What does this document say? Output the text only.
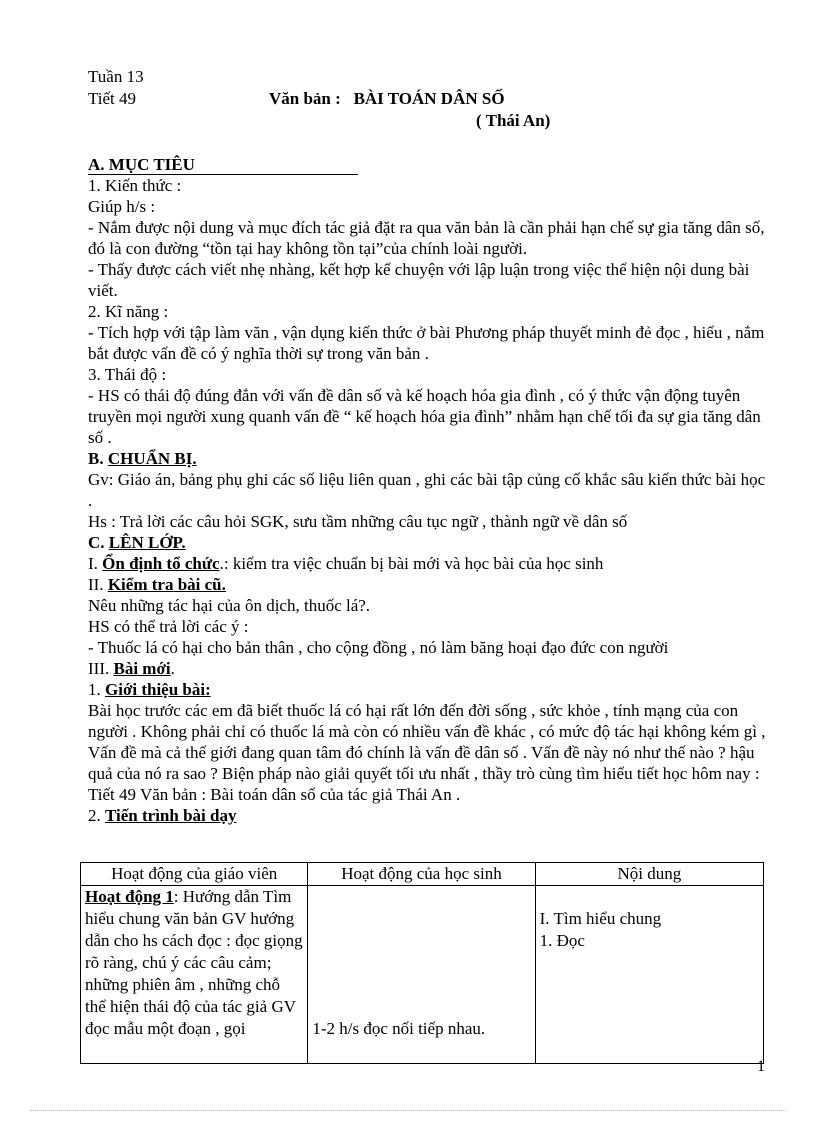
Tuần 13
Tiết 49	Văn bản : BÀI TOÁN DÂN SỐ
( Thái An)

A. MỤC TIÊU

1. Kiến thức :

Giúp h/s :

- Nắm được nội dung và mục đích tác giả đặt ra qua văn bản là cần phải hạn chế sự gia tăng dân số, đó là con đường “tồn tại hay không tồn tại”của chính loài người.

- Thấy được cách viết nhẹ nhàng, kết hợp kể chuyện với lập luận trong việc thể hiện nội dung bài viết.

2. Kĩ năng :

- Tích hợp với tập làm văn , vận dụng kiến thức ở bài Phương pháp thuyết minh đẻ đọc , hiểu , nắm bắt được vấn đề có ý nghĩa thời sự trong văn bản .

3. Thái độ :

- HS có thái độ đúng đắn với vấn đề dân số và kế hoạch hóa gia đình , có ý thức vận động tuyên truyền mọi người xung quanh vấn đề “ kế hoạch hóa gia đình” nhằm hạn chế tối đa sự gia tăng dân số .

B. CHUẨN BỊ.

Gv: Giáo án, bảng phụ ghi các số liệu liên quan , ghi các bài tập củng cố khắc sâu kiến thức bài học .

Hs : Trả lời các câu hỏi SGK, sưu tầm những câu tục ngữ , thành ngữ về dân số

C. LÊN LỚP.

I. Ổn định tổ chức.: kiểm tra việc chuẩn bị bài mới và học bài của học sinh

II. Kiểm tra bài cũ.

Nêu những tác hại của ôn dịch, thuốc lá?.

HS có thể trả lời các ý :

- Thuốc lá có hại cho bản thân , cho cộng đồng , nó làm băng hoại đạo đức con người

III. Bài mới.

1. Giới thiệu bài:

Bài học trước các em đã biết thuốc lá có hại rất lớn đến đời sống , sức khỏe , tính mạng của con người . Không phải chỉ có thuốc lá mà còn có nhiều vấn đề khác , có mức độ tác hại không kém gì , Vấn đề mà cả thế giới đang quan tâm đó chính là vấn đề dân số . Vấn đề này nó như thế nào ? hậu quả của nó ra sao ? Biện pháp nào giải quyết tối ưu nhất , thầy trò cùng tìm hiểu tiết học hôm nay : Tiết 49 Văn bản : Bài toán dân số của tác giả Thái An .

2. Tiến trình bài dạy

Hoạt động của giáo viên	Hoạt động của học sinh	Nội dung
Hoạt động 1: Hướng dẫn Tìm hiểu chung văn bản GV hướng dẫn cho hs cách đọc : đọc giọng rõ ràng, chú ý các câu cảm; những phiên âm , những chỗ thể hiện thái độ của tác giả GV đọc mẫu một đoạn , gọi	1-2 h/s đọc nối tiếp nhau.	I. Tìm hiểu chung
1. Đọc
1
